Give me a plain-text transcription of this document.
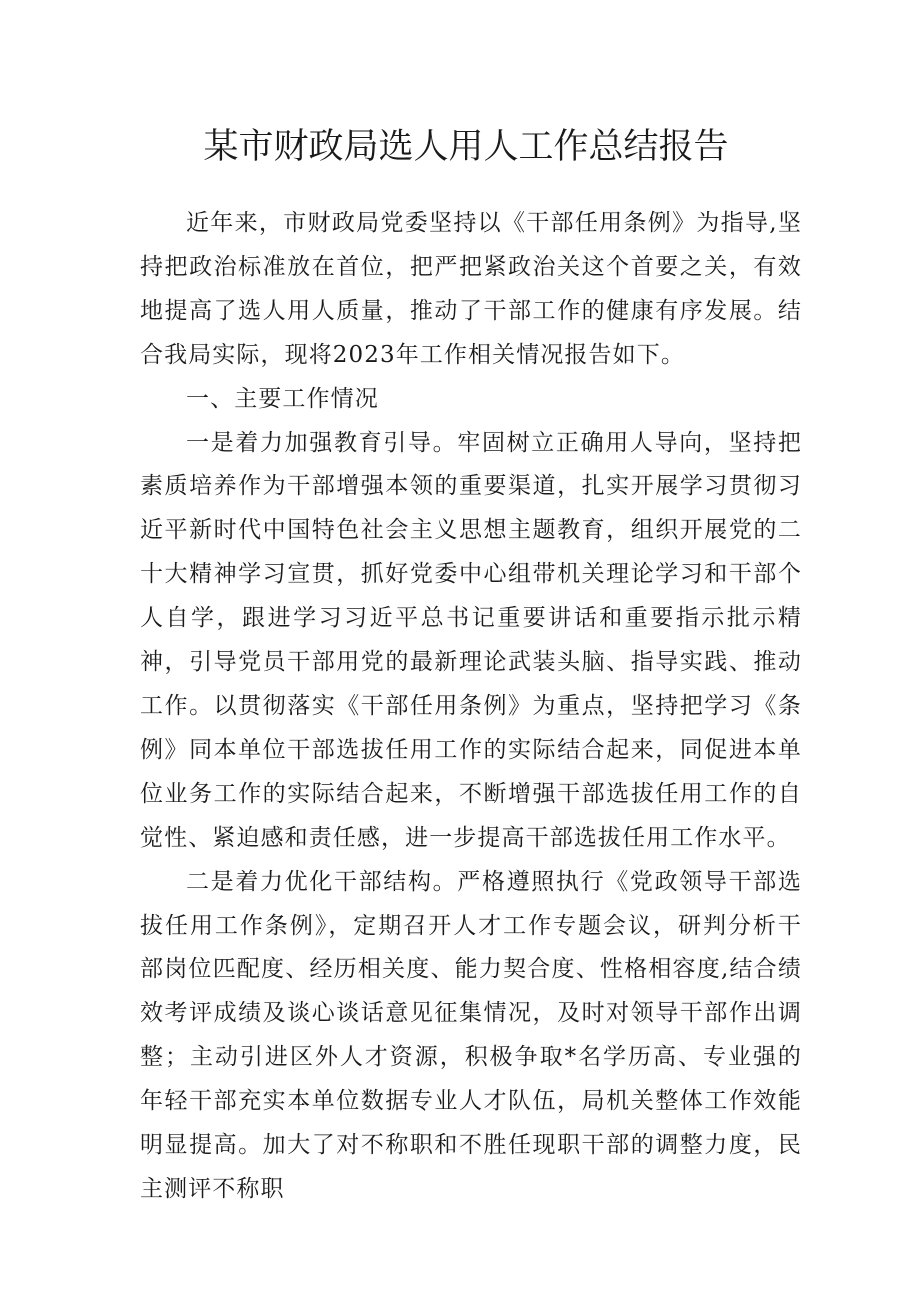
某市财政局选人用人工作总结报告

近年来，市财政局党委坚持以《干部任用条例》为指导,坚持把政治标准放在首位，把严把紧政治关这个首要之关，有效地提高了选人用人质量，推动了干部工作的健康有序发展。结合我局实际，现将2023年工作相关情况报告如下。

一、主要工作情况

一是着力加强教育引导。牢固树立正确用人导向，坚持把素质培养作为干部增强本领的重要渠道，扎实开展学习贯彻习近平新时代中国特色社会主义思想主题教育，组织开展党的二十大精神学习宣贯，抓好党委中心组带机关理论学习和干部个人自学，跟进学习习近平总书记重要讲话和重要指示批示精神，引导党员干部用党的最新理论武装头脑、指导实践、推动工作。以贯彻落实《干部任用条例》为重点，坚持把学习《条例》同本单位干部选拔任用工作的实际结合起来，同促进本单位业务工作的实际结合起来，不断增强干部选拔任用工作的自觉性、紧迫感和责任感，进一步提高干部选拔任用工作水平。

二是着力优化干部结构。严格遵照执行《党政领导干部选拔任用工作条例》，定期召开人才工作专题会议，研判分析干部岗位匹配度、经历相关度、能力契合度、性格相容度,结合绩效考评成绩及谈心谈话意见征集情况，及时对领导干部作出调整；主动引进区外人才资源，积极争取*名学历高、专业强的年轻干部充实本单位数据专业人才队伍，局机关整体工作效能明显提高。加大了对不称职和不胜任现职干部的调整力度，民主测评不称职
